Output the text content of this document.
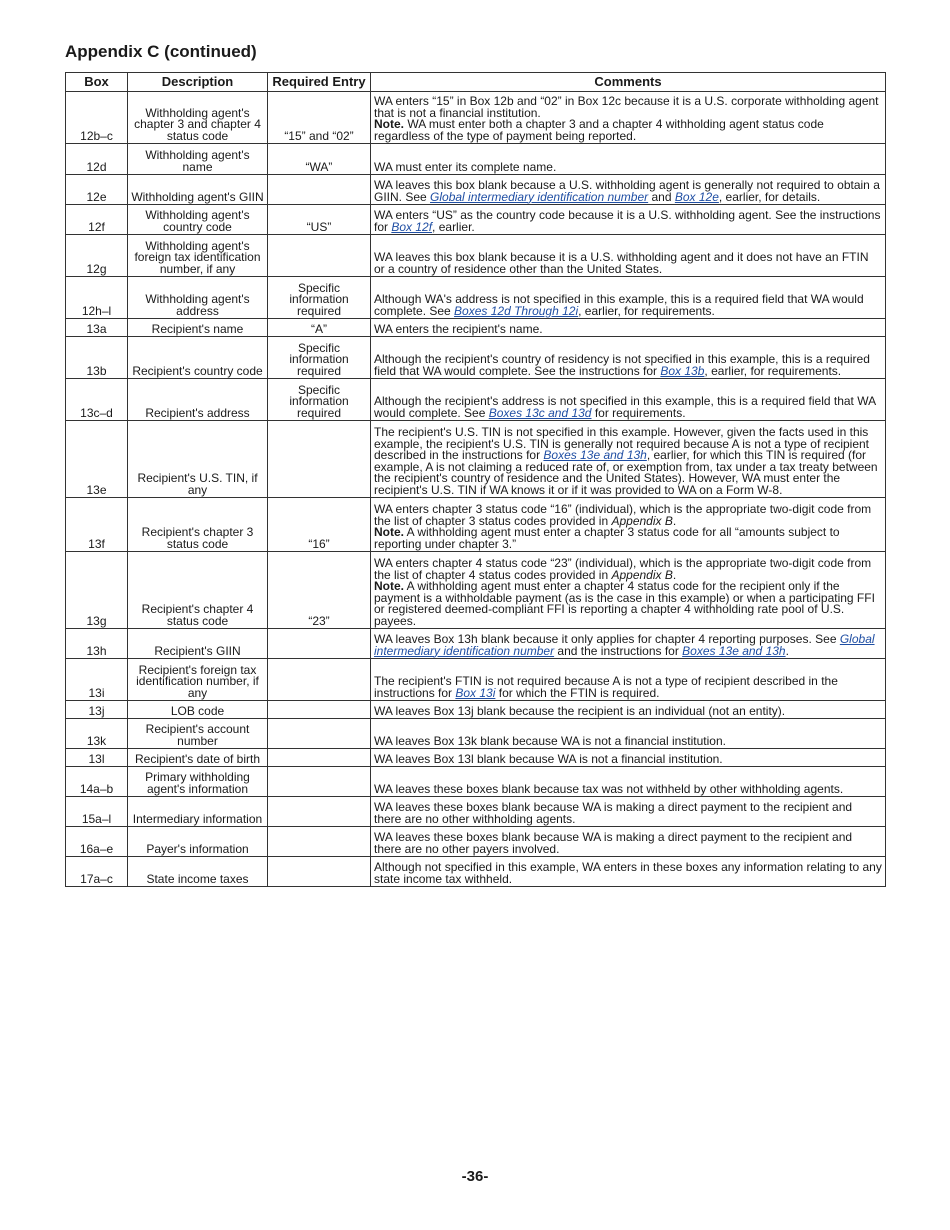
Appendix C (continued)
Box	Description	Required Entry	Comments
12b–c	Withholding agent's chapter 3 and chapter 4 status code	“15” and “02”	WA enters “15” in Box 12b and “02” in Box 12c because it is a U.S. corporate withholding agent that is not a financial institution.
Note. WA must enter both a chapter 3 and a chapter 4 withholding agent status code regardless of the type of payment being reported.
12d	Withholding agent's name	“WA”	WA must enter its complete name.
12e	Withholding agent's GIIN		WA leaves this box blank because a U.S. withholding agent is generally not required to obtain a GIIN. See Global intermediary identification number and Box 12e, earlier, for details.
12f	Withholding agent's country code	“US”	WA enters “US” as the country code because it is a U.S. withholding agent. See the instructions for Box 12f, earlier.
12g	Withholding agent's foreign tax identification number, if any		WA leaves this box blank because it is a U.S. withholding agent and it does not have an FTIN or a country of residence other than the United States.
12h–l	Withholding agent's address	Specific information required	Although WA's address is not specified in this example, this is a required field that WA would complete. See Boxes 12d Through 12i, earlier, for requirements.
13a	Recipient's name	“A”	WA enters the recipient's name.
13b	Recipient's country code	Specific information required	Although the recipient's country of residency is not specified in this example, this is a required field that WA would complete. See the instructions for Box 13b, earlier, for requirements.
13c–d	Recipient's address	Specific information required	Although the recipient's address is not specified in this example, this is a required field that WA would complete. See Boxes 13c and 13d for requirements.
13e	Recipient's U.S. TIN, if any		The recipient's U.S. TIN is not specified in this example. However, given the facts used in this example, the recipient's U.S. TIN is generally not required because A is not a type of recipient described in the instructions for Boxes 13e and 13h, earlier, for which this TIN is required (for example, A is not claiming a reduced rate of, or exemption from, tax under a tax treaty between the recipient's country of residence and the United States). However, WA must enter the recipient's U.S. TIN if WA knows it or if it was provided to WA on a Form W-8.
13f	Recipient's chapter 3 status code	“16”	WA enters chapter 3 status code “16” (individual), which is the appropriate two-digit code from the list of chapter 3 status codes provided in Appendix B.
Note. A withholding agent must enter a chapter 3 status code for all “amounts subject to reporting under chapter 3.”
13g	Recipient's chapter 4 status code	“23”	WA enters chapter 4 status code “23” (individual), which is the appropriate two-digit code from the list of chapter 4 status codes provided in Appendix B.
Note. A withholding agent must enter a chapter 4 status code for the recipient only if the payment is a withholdable payment (as is the case in this example) or when a participating FFI or registered deemed-compliant FFI is reporting a chapter 4 withholding rate pool of U.S. payees.
13h	Recipient's GIIN		WA leaves Box 13h blank because it only applies for chapter 4 reporting purposes. See Global intermediary identification number and the instructions for Boxes 13e and 13h.
13i	Recipient's foreign tax identification number, if any		The recipient's FTIN is not required because A is not a type of recipient described in the instructions for Box 13i for which the FTIN is required.
13j	LOB code		WA leaves Box 13j blank because the recipient is an individual (not an entity).
13k	Recipient's account number		WA leaves Box 13k blank because WA is not a financial institution.
13l	Recipient's date of birth		WA leaves Box 13l blank because WA is not a financial institution.
14a–b	Primary withholding agent's information		WA leaves these boxes blank because tax was not withheld by other withholding agents.
15a–l	Intermediary information		WA leaves these boxes blank because WA is making a direct payment to the recipient and there are no other withholding agents.
16a–e	Payer's information		WA leaves these boxes blank because WA is making a direct payment to the recipient and there are no other payers involved.
17a–c	State income taxes		Although not specified in this example, WA enters in these boxes any information relating to any state income tax withheld.
-36-
